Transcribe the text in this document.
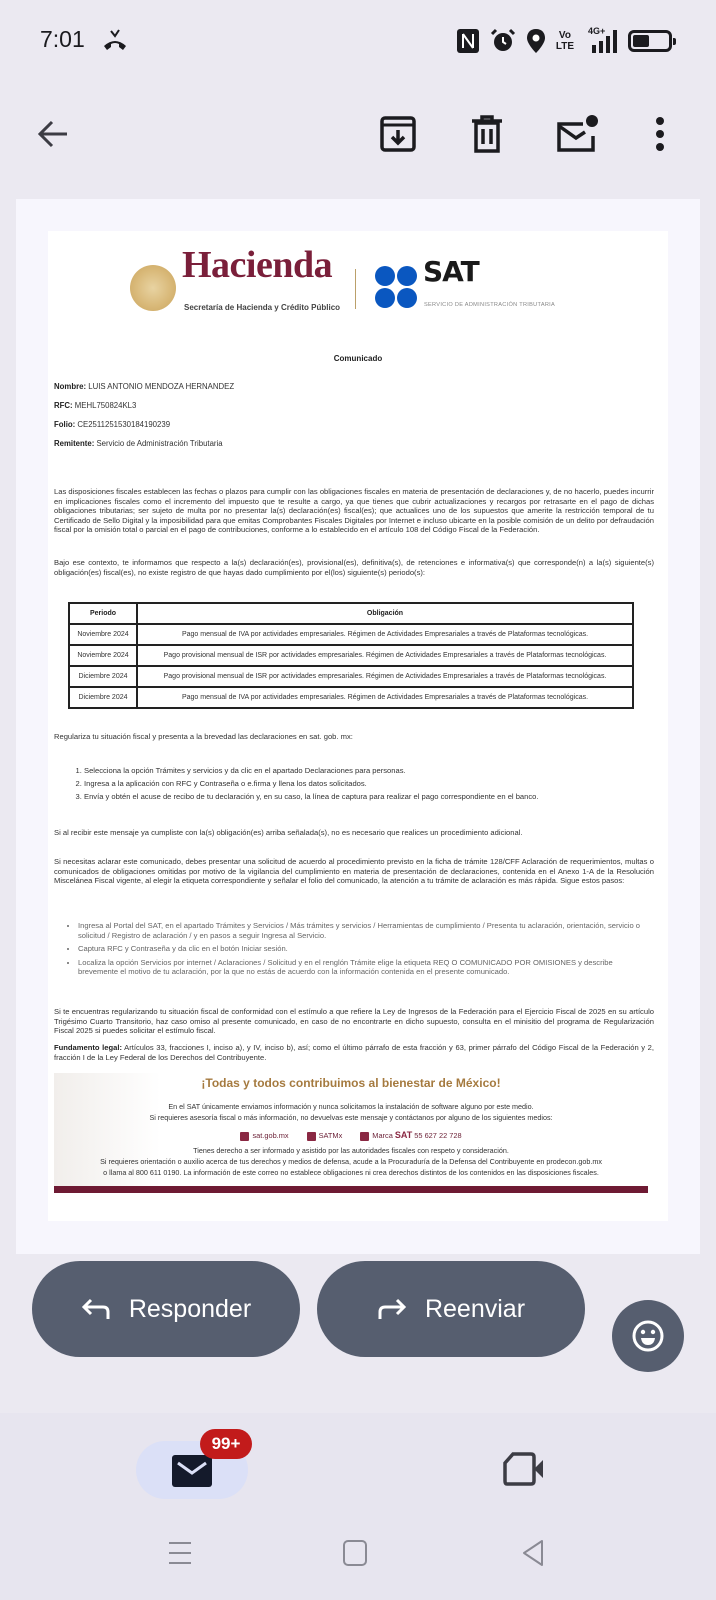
7:01	Vo
LTE
4G+
Hacienda
Secretaría de Hacienda y Crédito Público
SAT
SERVICIO DE ADMINISTRACIÓN TRIBUTARIA
Comunicado
Nombre: LUIS ANTONIO MENDOZA HERNANDEZ
RFC: MEHL750824KL3
Folio: CE2511251530184190239
Remitente: Servicio de Administración Tributaria
Las disposiciones fiscales establecen las fechas o plazos para cumplir con las obligaciones fiscales en materia de presentación de declaraciones y, de no hacerlo, puedes incurrir en implicaciones fiscales como el incremento del impuesto que te resulte a cargo, ya que tienes que cubrir actualizaciones y recargos por retrasarte en el pago de dichas obligaciones tributarias; ser sujeto de multa por no presentar la(s) declaración(es) fiscal(es); que actualices uno de los supuestos que amerite la restricción temporal de tu Certificado de Sello Digital y la imposibilidad para que emitas Comprobantes Fiscales Digitales por Internet e incluso ubicarte en la posible comisión de un delito por defraudación fiscal por la omisión total o parcial en el pago de contribuciones, conforme a lo establecido en el artículo 108 del Código Fiscal de la Federación.
Bajo ese contexto, te informamos que respecto a la(s) declaración(es), provisional(es), definitiva(s), de retenciones e informativa(s) que corresponde(n) a la(s) siguiente(s) obligación(es) fiscal(es), no existe registro de que hayas dado cumplimiento por el(los) siguiente(s) periodo(s):
Periodo	Obligación
Noviembre 2024	Pago mensual de IVA por actividades empresariales. Régimen de Actividades Empresariales a través de Plataformas tecnológicas.
Noviembre 2024	Pago provisional mensual de ISR por actividades empresariales. Régimen de Actividades Empresariales a través de Plataformas tecnológicas.
Diciembre 2024	Pago provisional mensual de ISR por actividades empresariales. Régimen de Actividades Empresariales a través de Plataformas tecnológicas.
Diciembre 2024	Pago mensual de IVA por actividades empresariales. Régimen de Actividades Empresariales a través de Plataformas tecnológicas.
Regulariza tu situación fiscal y presenta a la brevedad las declaraciones en sat. gob. mx:
1. Selecciona la opción Trámites y servicios y da clic en el apartado Declaraciones para personas.
2. Ingresa a la aplicación con RFC y Contraseña o e.firma y llena los datos solicitados.
3. Envía y obtén el acuse de recibo de tu declaración y, en su caso, la línea de captura para realizar el pago correspondiente en el banco.
Si al recibir este mensaje ya cumpliste con la(s) obligación(es) arriba señalada(s), no es necesario que realices un procedimiento adicional.
Si necesitas aclarar este comunicado, debes presentar una solicitud de acuerdo al procedimiento previsto en la ficha de trámite 128/CFF Aclaración de requerimientos, multas o comunicados de obligaciones omitidas por motivo de la vigilancia del cumplimiento en materia de presentación de declaraciones, contenida en el Anexo 1-A de la Resolución Miscelánea Fiscal vigente, al elegir la etiqueta correspondiente y señalar el folio del comunicado, la atención a tu trámite de aclaración es más rápida. Sigue estos pasos:
• Ingresa al Portal del SAT, en el apartado Trámites y Servicios / Más trámites y servicios / Herramientas de cumplimiento / Presenta tu aclaración, orientación, servicio o solicitud / Registro de aclaración / y en pasos a seguir Ingresa al Servicio.
• Captura RFC y Contraseña y da clic en el botón Iniciar sesión.
• Localiza la opción Servicios por internet / Aclaraciones / Solicitud y en el renglón Trámite elige la etiqueta REQ O COMUNICADO POR OMISIONES y describe brevemente el motivo de tu aclaración, por la que no estás de acuerdo con la información contenida en el presente comunicado.
Si te encuentras regularizando tu situación fiscal de conformidad con el estímulo a que refiere la Ley de Ingresos de la Federación para el Ejercicio Fiscal de 2025 en su artículo Trigésimo Cuarto Transitorio, haz caso omiso al presente comunicado, en caso de no encontrarte en dicho supuesto, consulta en el minisitio del programa de Regularización Fiscal 2025 si puedes solicitar el estímulo fiscal.
Fundamento legal: Artículos 33, fracciones I, inciso a), y IV, inciso b), así; como el último párrafo de esta fracción y 63, primer párrafo del Código Fiscal de la Federación y 2, fracción I de la Ley Federal de los Derechos del Contribuyente.
¡Todas y todos contribuimos al bienestar de México!
En el SAT únicamente enviamos información y nunca solicitamos la instalación de software alguno por este medio.
Si requieres asesoría fiscal o más información, no devuelvas este mensaje y contáctanos por alguno de los siguientes medios:
sat.gob.mx	SATMx	Marca SAT 55 627 22 728
Tienes derecho a ser informado y asistido por las autoridades fiscales con respeto y consideración.
Si requieres orientación o auxilio acerca de tus derechos y medios de defensa, acude a la Procuraduría de la Defensa del Contribuyente en prodecon.gob.mx
o llama al 800 611 0190. La información de este correo no establece obligaciones ni crea derechos distintos de los contenidos en las disposiciones fiscales.
Responder	Reenviar
99+
